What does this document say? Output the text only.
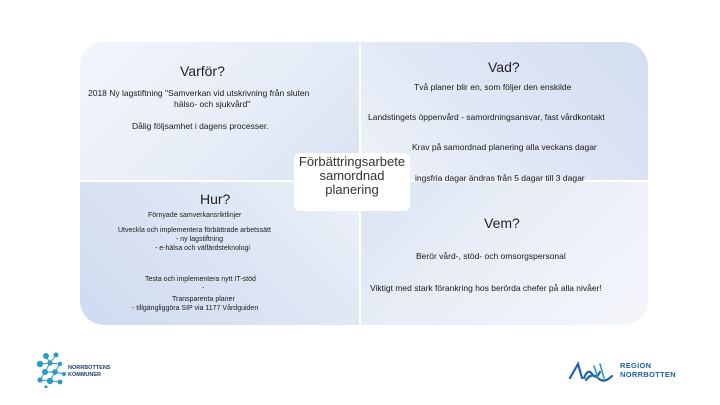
Varför?
2018 Ny lagstiftning "Samverkan vid utskrivning från sluten
hälso- och sjukvård"
Dålig följsamhet i dagens processer.
Vad?
Två planer blir en, som följer den enskilde
Landstingets öppenvård - samordningsansvar, fast vårdkontakt
Krav på samordnad planering alla veckans dagar
ingsfria dagar ändras från 5 dagar till 3 dagar
Förbättringsarbete
samordnad
planering
Hur?
Förnyade samverkansriktlinjer
Utveckla och implementera förbättrade arbetssätt
- ny lagstiftning
- e-hälsa och välfärdsteknologi
Testa och implementera nytt IT-stöd
-
Transparenta planer
- tillgängliggöra SIP via 1177 Vårdguiden
Vem?
Berör vård-, stöd- och omsorgspersonal
Viktigt med stark förankring hos berörda chefer på alla nivåer!
NORRBOTTENS
KOMMUNER
REGION
NORRBOTTEN
